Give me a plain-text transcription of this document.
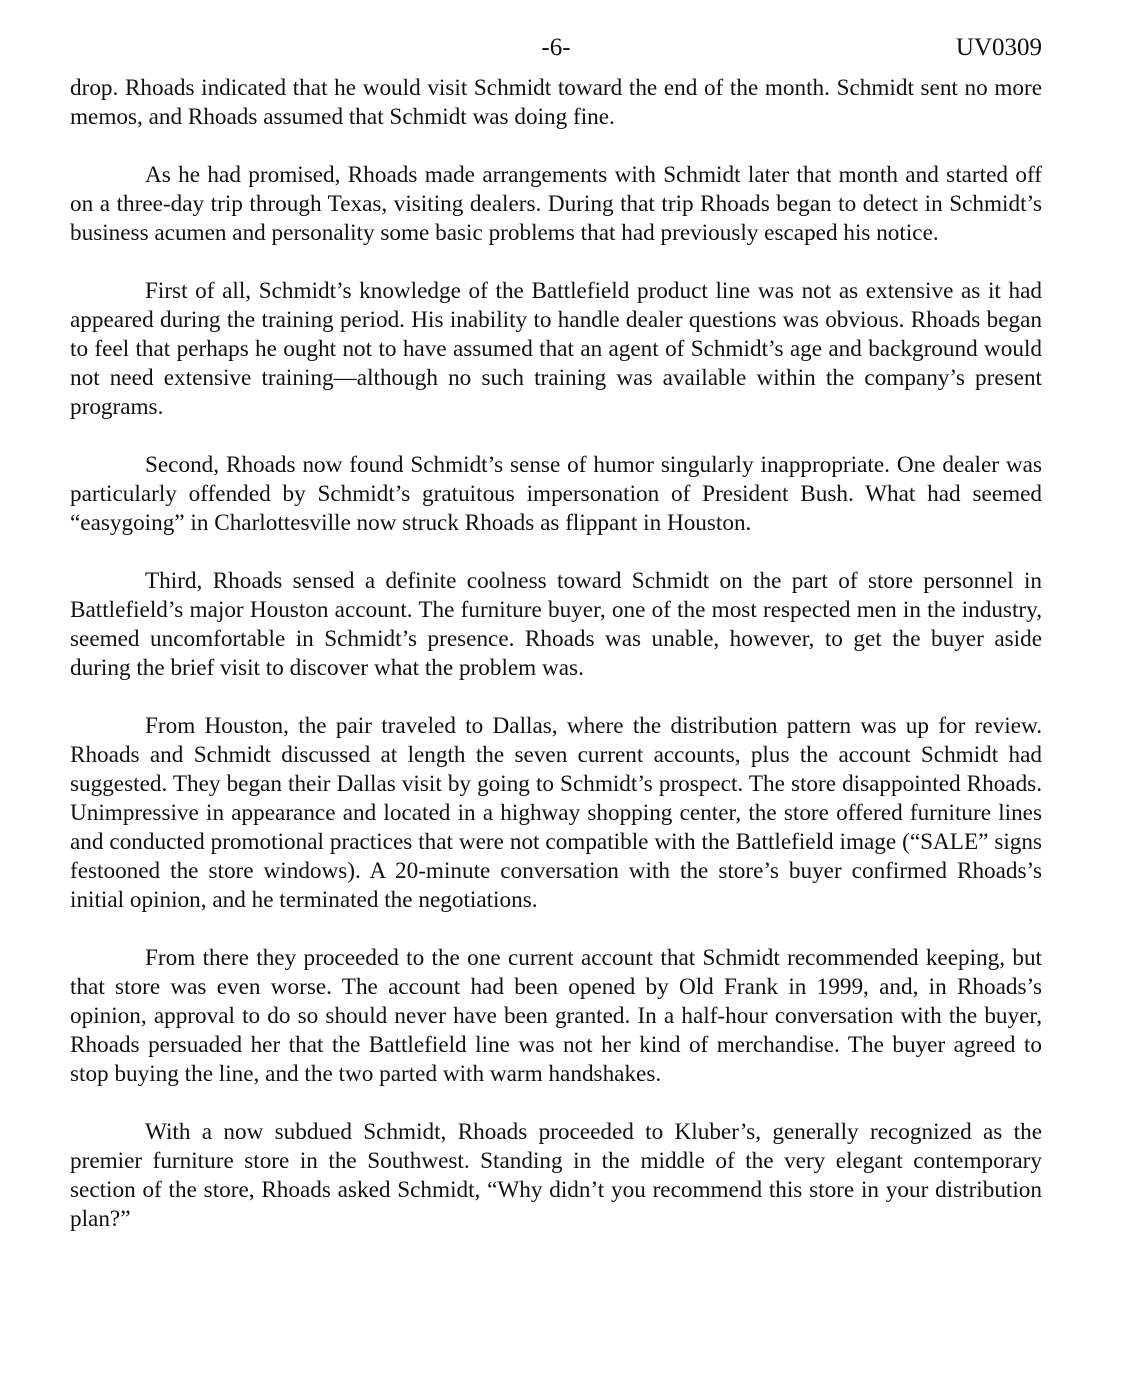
-6-	UV0309

drop. Rhoads indicated that he would visit Schmidt toward the end of the month. Schmidt sent no more memos, and Rhoads assumed that Schmidt was doing fine.

As he had promised, Rhoads made arrangements with Schmidt later that month and started off on a three-day trip through Texas, visiting dealers. During that trip Rhoads began to detect in Schmidt’s business acumen and personality some basic problems that had previously escaped his notice.

First of all, Schmidt’s knowledge of the Battlefield product line was not as extensive as it had appeared during the training period. His inability to handle dealer questions was obvious. Rhoads began to feel that perhaps he ought not to have assumed that an agent of Schmidt’s age and background would not need extensive training—although no such training was available within the company’s present programs.

Second, Rhoads now found Schmidt’s sense of humor singularly inappropriate. One dealer was particularly offended by Schmidt’s gratuitous impersonation of President Bush. What had seemed “easygoing” in Charlottesville now struck Rhoads as flippant in Houston.

Third, Rhoads sensed a definite coolness toward Schmidt on the part of store personnel in Battlefield’s major Houston account. The furniture buyer, one of the most respected men in the industry, seemed uncomfortable in Schmidt’s presence. Rhoads was unable, however, to get the buyer aside during the brief visit to discover what the problem was.

From Houston, the pair traveled to Dallas, where the distribution pattern was up for review. Rhoads and Schmidt discussed at length the seven current accounts, plus the account Schmidt had suggested. They began their Dallas visit by going to Schmidt’s prospect. The store disappointed Rhoads. Unimpressive in appearance and located in a highway shopping center, the store offered furniture lines and conducted promotional practices that were not compatible with the Battlefield image (“SALE” signs festooned the store windows). A 20-minute conversation with the store’s buyer confirmed Rhoads’s initial opinion, and he terminated the negotiations.

From there they proceeded to the one current account that Schmidt recommended keeping, but that store was even worse. The account had been opened by Old Frank in 1999, and, in Rhoads’s opinion, approval to do so should never have been granted. In a half-hour conversation with the buyer, Rhoads persuaded her that the Battlefield line was not her kind of merchandise. The buyer agreed to stop buying the line, and the two parted with warm handshakes.

With a now subdued Schmidt, Rhoads proceeded to Kluber’s, generally recognized as the premier furniture store in the Southwest. Standing in the middle of the very elegant contemporary section of the store, Rhoads asked Schmidt, “Why didn’t you recommend this store in your distribution plan?”
